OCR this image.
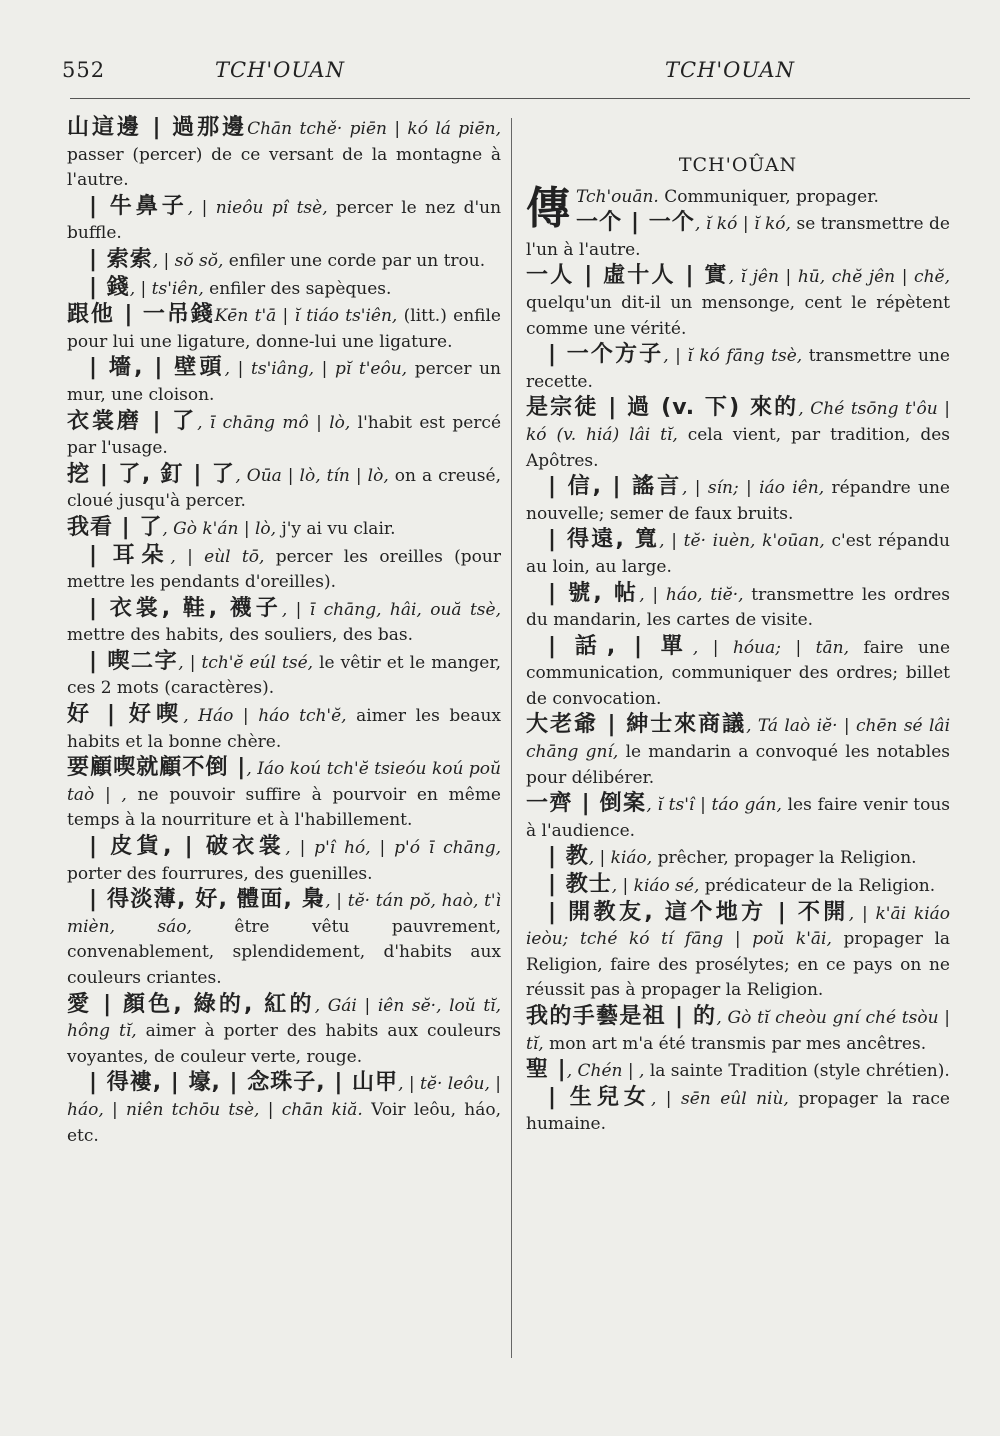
552	TCH'OUAN	TCH'OUAN
山這邊 | 過那邊Chān tchě· piēn | kó lá piēn, passer (percer) de ce versant de la montagne à l'autre.
| 牛鼻子, | nieôu pî tsè, percer le nez d'un buffle.
| 索索, | sŏ sŏ, enfiler une corde par un trou.
| 錢, | ts'iên, enfiler des sapèques.
跟他 | 一吊錢Kēn t'ā | ĭ tiáo ts'iên, (litt.) enfile pour lui une ligature, donne-lui une ligature.
| 墻, | 壁頭, | ts'iâng, | pĭ t'eôu, percer un mur, une cloison.
衣裳磨 | 了, ī chāng mô | lò, l'habit est percé par l'usage.
挖 | 了, 釘 | 了, Oūa | lò, tín | lò, on a creusé, cloué jusqu'à percer.
我看 | 了, Gò k'án | lò, j'y ai vu clair.
| 耳朵, | eùl tō, percer les oreilles (pour mettre les pendants d'oreilles).
| 衣裳, 鞋, 襪子, | ī chāng, hâi, ouă tsè, mettre des habits, des souliers, des bas.
| 喫二字, | tch'ĕ eúl tsé, le vêtir et le manger, ces 2 mots (caractères).
好 | 好喫, Háo | háo tch'ĕ, aimer les beaux habits et la bonne chère.
要顧喫就顧不倒 |, Iáo koú tch'ĕ tsieóu koú poŭ taò | , ne pouvoir suffire à pourvoir en même temps à la nourriture et à l'habillement.
| 皮貨, | 破衣裳, | p'î hó, | p'ó ī chāng, porter des fourrures, des guenilles.
| 得淡薄, 好, 體面, 梟, | tĕ· tán pŏ, haò, t'ì mièn, sáo, être vêtu pauvrement, convenablement, splendidement, d'habits aux couleurs criantes.
愛 | 顏色, 綠的, 紅的, Gái | iên sĕ·, loŭ tĭ, hông tĭ, aimer à porter des habits aux couleurs voyantes, de couleur verte, rouge.
| 得褸, | 壕, | 念珠子, | 山甲, | tĕ· leôu, | háo, | niên tchōu tsè, | chān kiă. Voir leôu, háo, etc.
TCH'OÛAN
傳 Tch'ouān. Communiquer, propager.
一个 | 一个, ĭ kó | ĭ kó, se transmettre de l'un à l'autre.
一人 | 虛十人 | 實, ĭ jên | hū, chĕ jên | chĕ, quelqu'un dit-il un mensonge, cent le répètent comme une vérité.
| 一个方子, | ĭ kó fāng tsè, transmettre une recette.
是宗徒 | 過 (v. 下) 來的, Ché tsōng t'ôu | kó (v. hiá) lâi tĭ, cela vient, par tradition, des Apôtres.
| 信, | 謠言, | sín; | iáo iên, répandre une nouvelle; semer de faux bruits.
| 得遠, 寬, | tĕ· iuèn, k'oūan, c'est répandu au loin, au large.
| 號, 帖, | háo, tiĕ·, transmettre les ordres du mandarin, les cartes de visite.
| 話, | 單, | hóua; | tān, faire une communication, communiquer des ordres; billet de convocation.
大老爺 | 紳士來商議, Tá laò iĕ· | chēn sé lâi chāng gní, le mandarin a convoqué les notables pour délibérer.
一齊 | 倒案, ĭ ts'î | táo gán, les faire venir tous à l'audience.
| 教, | kiáo, prêcher, propager la Religion.
| 教士, | kiáo sé, prédicateur de la Religion.
| 開教友, 這个地方 | 不開, | k'āi kiáo ieòu; tché kó tí fāng | poŭ k'āi, propager la Religion, faire des prosélytes; en ce pays on ne réussit pas à propager la Religion.
我的手藝是祖 | 的, Gò tĭ cheòu gní ché tsòu | tĭ, mon art m'a été transmis par mes ancêtres.
聖 |, Chén | , la sainte Tradition (style chrétien).
| 生兒女, | sēn eûl niù, propager la race humaine.
